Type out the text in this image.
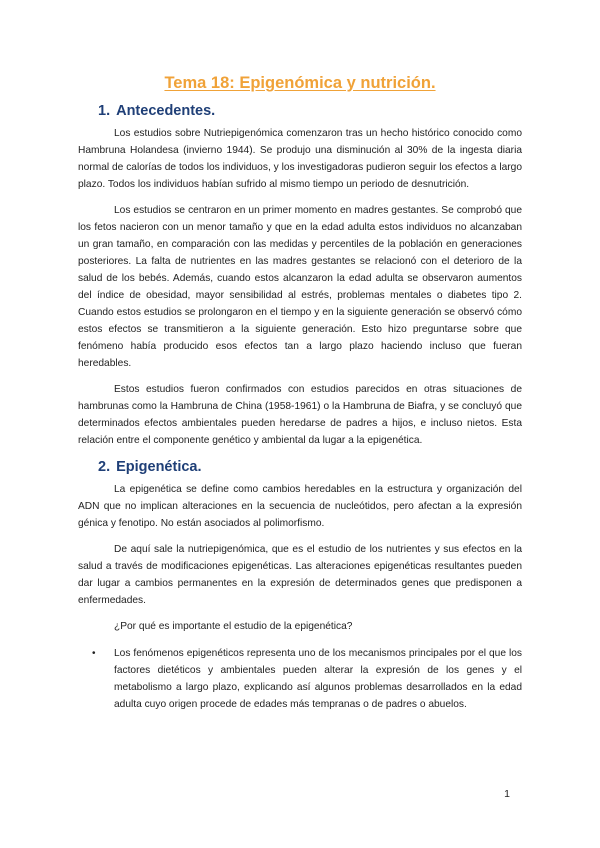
Tema 18: Epigenómica y nutrición.
1. Antecedentes.

Los estudios sobre Nutriepigenómica comenzaron tras un hecho histórico conocido como Hambruna Holandesa (invierno 1944). Se produjo una disminución al 30% de la ingesta diaria normal de calorías de todos los individuos, y los investigadoras pudieron seguir los efectos a largo plazo. Todos los individuos habían sufrido al mismo tiempo un periodo de desnutrición.

Los estudios se centraron en un primer momento en madres gestantes. Se comprobó que los fetos nacieron con un menor tamaño y que en la edad adulta estos individuos no alcanzaban un gran tamaño, en comparación con las medidas y percentiles de la población en generaciones posteriores. La falta de nutrientes en las madres gestantes se relacionó con el deterioro de la salud de los bebés. Además, cuando estos alcanzaron la edad adulta se observaron aumentos del índice de obesidad, mayor sensibilidad al estrés, problemas mentales o diabetes tipo 2. Cuando estos estudios se prolongaron en el tiempo y en la siguiente generación se observó cómo estos efectos se transmitieron a la siguiente generación. Esto hizo preguntarse sobre que fenómeno había producido esos efectos tan a largo plazo haciendo incluso que fueran heredables.

Estos estudios fueron confirmados con estudios parecidos en otras situaciones de hambrunas como la Hambruna de China (1958-1961) o la Hambruna de Biafra, y se concluyó que determinados efectos ambientales pueden heredarse de padres a hijos, e incluso nietos. Esta relación entre el componente genético y ambiental da lugar a la epigenética.

2. Epigenética.

La epigenética se define como cambios heredables en la estructura y organización del ADN que no implican alteraciones en la secuencia de nucleótidos, pero afectan a la expresión génica y fenotipo. No están asociados al polimorfismo.

De aquí sale la nutriepigenómica, que es el estudio de los nutrientes y sus efectos en la salud a través de modificaciones epigenéticas. Las alteraciones epigenéticas resultantes pueden dar lugar a cambios permanentes en la expresión de determinados genes que predisponen a enfermedades.

¿Por qué es importante el estudio de la epigenética?

• Los fenómenos epigenéticos representa uno de los mecanismos principales por el que los factores dietéticos y ambientales pueden alterar la expresión de los genes y el metabolismo a largo plazo, explicando así algunos problemas desarrollados en la edad adulta cuyo origen procede de edades más tempranas o de padres o abuelos.
1
